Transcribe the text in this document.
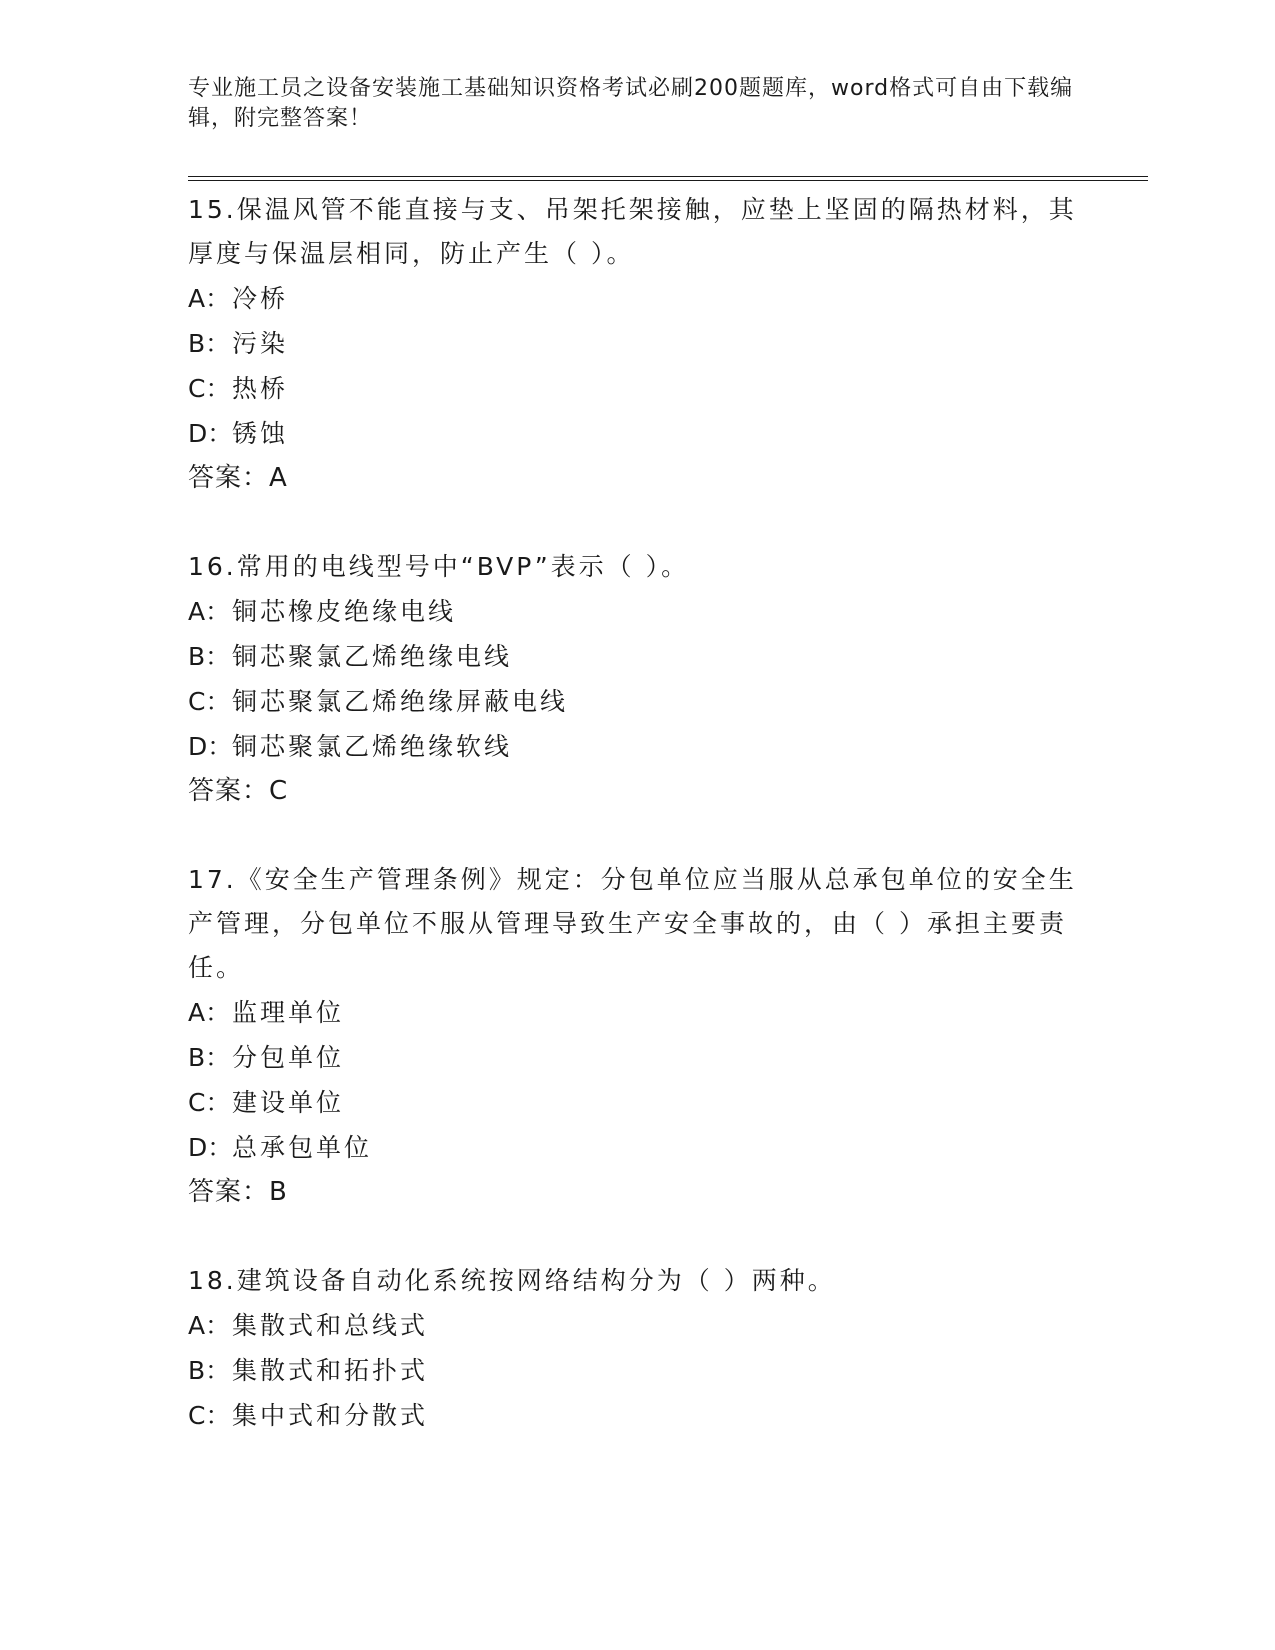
专业施工员之设备安装施工基础知识资格考试必刷200题题库，word格式可自由下载编辑，附完整答案！
15.保温风管不能直接与支、吊架托架接触，应垫上坚固的隔热材料，其厚度与保温层相同，防止产生（ ）。
A：冷桥
B：污染
C：热桥
D：锈蚀
答案：A
16.常用的电线型号中“BVP”表示（ ）。
A：铜芯橡皮绝缘电线
B：铜芯聚氯乙烯绝缘电线
C：铜芯聚氯乙烯绝缘屏蔽电线
D：铜芯聚氯乙烯绝缘软线
答案：C
17.《安全生产管理条例》规定：分包单位应当服从总承包单位的安全生产管理，分包单位不服从管理导致生产安全事故的，由（ ）承担主要责任。
A：监理单位
B：分包单位
C：建设单位
D：总承包单位
答案：B
18.建筑设备自动化系统按网络结构分为（ ）两种。
A：集散式和总线式
B：集散式和拓扑式
C：集中式和分散式
